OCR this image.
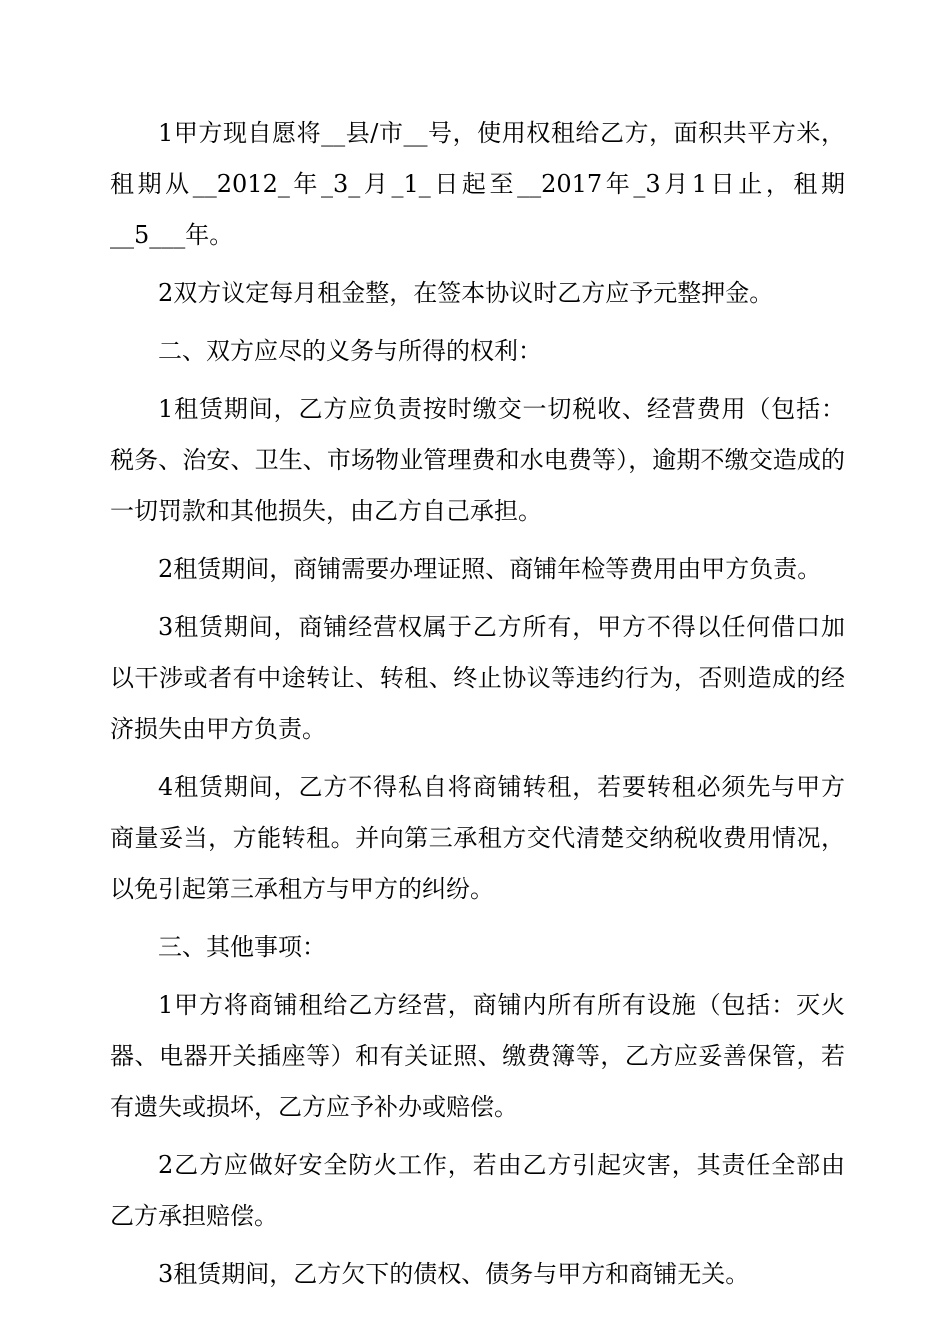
1甲方现自愿将__县/市__号，使用权租给乙方，面积共平方米，租期从__2012_年_3_月_1_日起至__2017年_3月1日止，租期__5___年。

2双方议定每月租金整，在签本协议时乙方应予元整押金。

二、双方应尽的义务与所得的权利：

1租赁期间，乙方应负责按时缴交一切税收、经营费用（包括：税务、治安、卫生、市场物业管理费和水电费等），逾期不缴交造成的一切罚款和其他损失，由乙方自己承担。

2租赁期间，商铺需要办理证照、商铺年检等费用由甲方负责。

3租赁期间，商铺经营权属于乙方所有，甲方不得以任何借口加以干涉或者有中途转让、转租、终止协议等违约行为，否则造成的经济损失由甲方负责。

4租赁期间，乙方不得私自将商铺转租，若要转租必须先与甲方商量妥当，方能转租。并向第三承租方交代清楚交纳税收费用情况，以免引起第三承租方与甲方的纠纷。

三、其他事项：

1甲方将商铺租给乙方经营，商铺内所有所有设施（包括：灭火器、电器开关插座等）和有关证照、缴费簿等，乙方应妥善保管，若有遗失或损坏，乙方应予补办或赔偿。

2乙方应做好安全防火工作，若由乙方引起灾害，其责任全部由乙方承担赔偿。

3租赁期间，乙方欠下的债权、债务与甲方和商铺无关。
